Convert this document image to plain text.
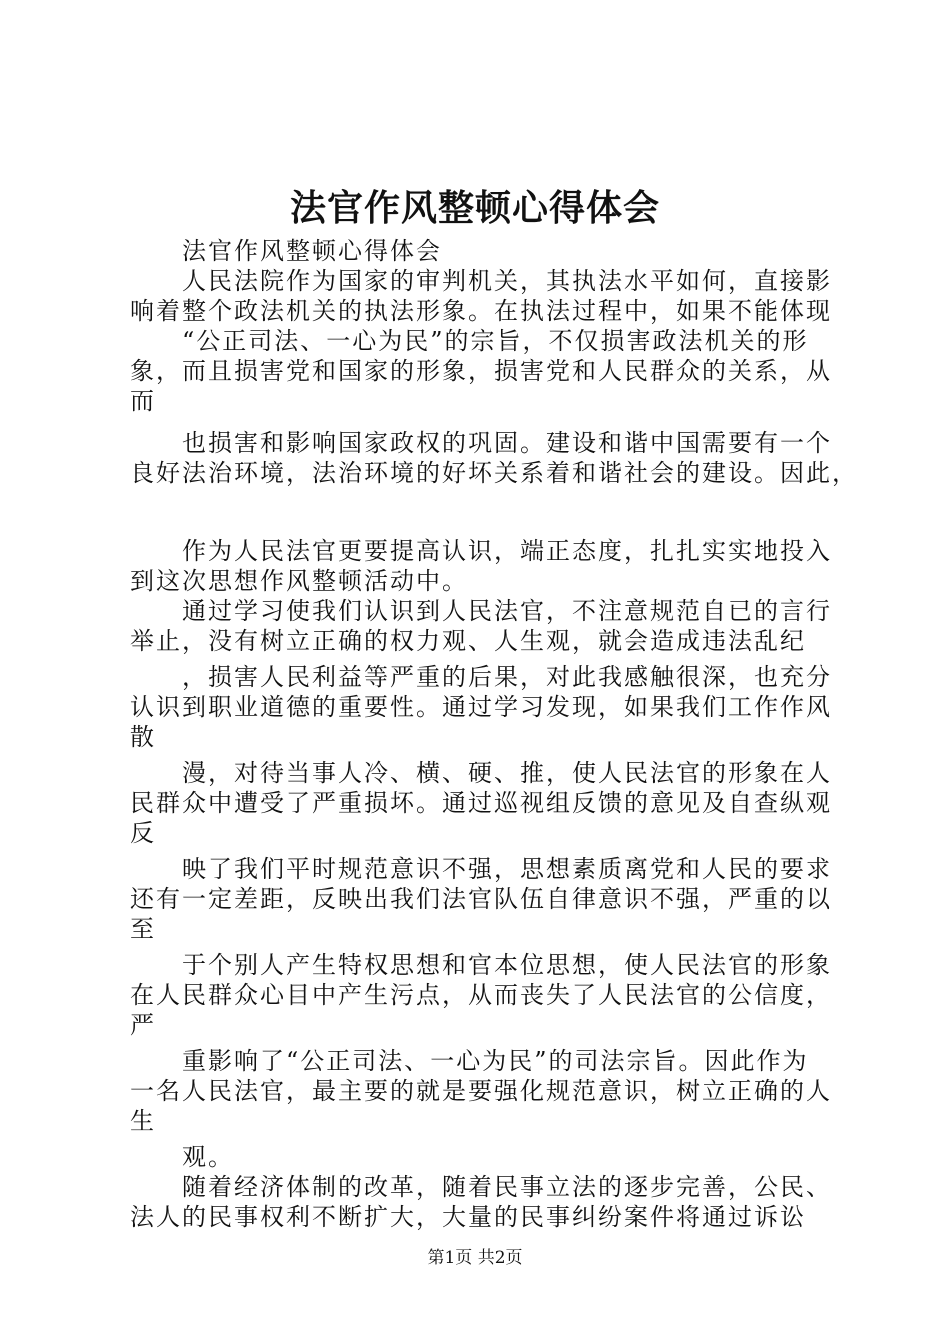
法官作风整顿心得体会
法官作风整顿心得体会
人民法院作为国家的审判机关，其执法水平如何，直接影
响着整个政法机关的执法形象。在执法过程中，如果不能体现
“公正司法、一心为民”的宗旨，不仅损害政法机关的形
象，而且损害党和国家的形象，损害党和人民群众的关系，从
而
也损害和影响国家政权的巩固。建设和谐中国需要有一个
良好法治环境，法治环境的好坏关系着和谐社会的建设。因此，
作为人民法官更要提高认识，端正态度，扎扎实实地投入
到这次思想作风整顿活动中。
通过学习使我们认识到人民法官，不注意规范自已的言行
举止，没有树立正确的权力观、人生观，就会造成违法乱纪
，损害人民利益等严重的后果，对此我感触很深，也充分
认识到职业道德的重要性。通过学习发现，如果我们工作作风
散
漫，对待当事人冷、横、硬、推，使人民法官的形象在人
民群众中遭受了严重损坏。通过巡视组反馈的意见及自查纵观
反
映了我们平时规范意识不强，思想素质离党和人民的要求
还有一定差距，反映出我们法官队伍自律意识不强，严重的以
至
于个别人产生特权思想和官本位思想，使人民法官的形象
在人民群众心目中产生污点，从而丧失了人民法官的公信度，
严
重影响了“公正司法、一心为民”的司法宗旨。因此作为
一名人民法官，最主要的就是要强化规范意识，树立正确的人
生
观。
随着经济体制的改革，随着民事立法的逐步完善，公民、
法人的民事权利不断扩大，大量的民事纠纷案件将通过诉讼
第1页 共2页
